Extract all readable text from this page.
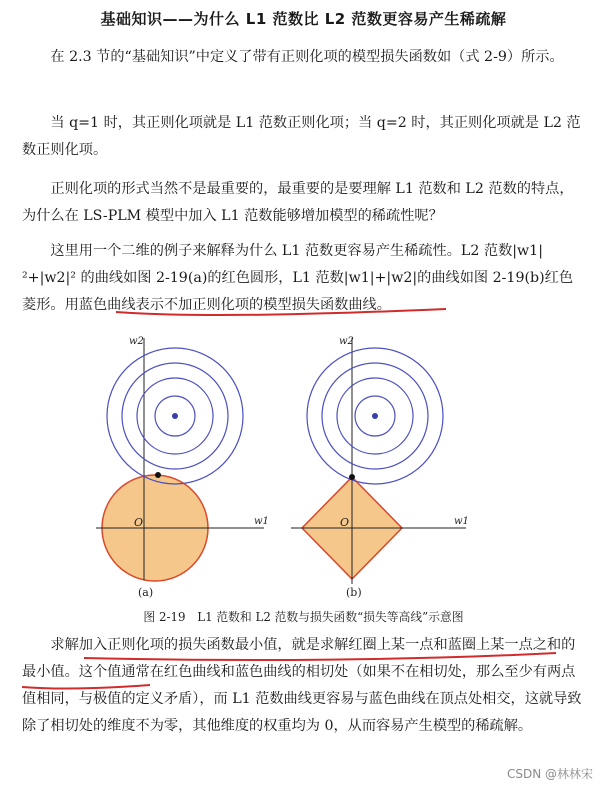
基础知识——为什么 L1 范数比 L2 范数更容易产生稀疏解
在 2.3 节的“基础知识”中定义了带有正则化项的模型损失函数如（式 2-9）所示。
当 q=1 时，其正则化项就是 L1 范数正则化项；当 q=2 时，其正则化项就是 L2 范数正则化项。
正则化项的形式当然不是最重要的，最重要的是要理解 L1 范数和 L2 范数的特点，为什么在 LS-PLM 模型中加入 L1 范数能够增加模型的稀疏性呢？
这里用一个二维的例子来解释为什么 L1 范数更容易产生稀疏性。L2 范数|w1|²+|w2|² 的曲线如图 2-19(a)的红色圆形，L1 范数|w1|+|w2|的曲线如图 2-19(b)红色菱形。用蓝色曲线表示不加正则化项的模型损失函数曲线。
O	w1
w2
(a)
O	w1
w2
(b)
图 2-19　L1 范数和 L2 范数与损失函数“损失等高线”示意图
求解加入正则化项的损失函数最小值，就是求解红圈上某一点和蓝圈上某一点之和的最小值。这个值通常在红色曲线和蓝色曲线的相切处（如果不在相切处，那么至少有两点值相同，与极值的定义矛盾），而 L1 范数曲线更容易与蓝色曲线在顶点处相交，这就导致除了相切处的维度不为零，其他维度的权重均为 0，从而容易产生模型的稀疏解。
CSDN @林林宋
